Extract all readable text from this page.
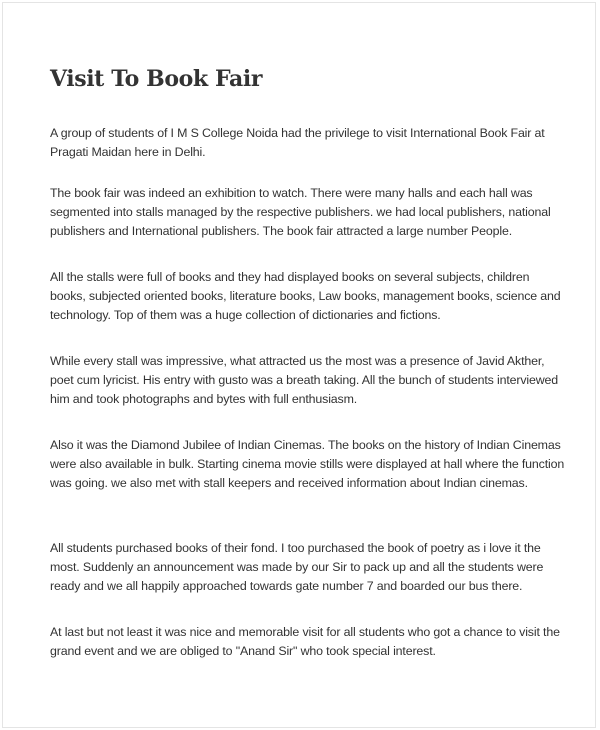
Visit To Book Fair

A group of students of I M S College Noida had the privilege to visit International Book Fair at Pragati Maidan here in Delhi.

The book fair was indeed an exhibition to watch. There were many halls and each hall was segmented into stalls managed by the respective publishers. we had local publishers, national publishers and International publishers. The book fair attracted a large number People.

All the stalls were full of books and they had displayed books on several subjects, children books, subjected oriented books, literature books, Law books, management books, science and technology. Top of them was a huge collection of dictionaries and fictions.

While every stall was impressive, what attracted us the most was a presence of Javid Akther, poet cum lyricist. His entry with gusto was a breath taking. All the bunch of students interviewed him and took photographs and bytes with full enthusiasm.

Also it was the Diamond Jubilee of Indian Cinemas. The books on the history of Indian Cinemas were also available in bulk. Starting cinema movie stills were displayed at hall where the function was going. we also met with stall keepers and received information about Indian cinemas.

All students purchased books of their fond. I too purchased the book of poetry as i love it the most. Suddenly an announcement was made by our Sir to pack up and all the students were ready and we all happily approached towards gate number 7 and boarded our bus there.

At last but not least it was nice and memorable visit for all students who got a chance to visit the grand event and we are obliged to "Anand Sir" who took special interest.
